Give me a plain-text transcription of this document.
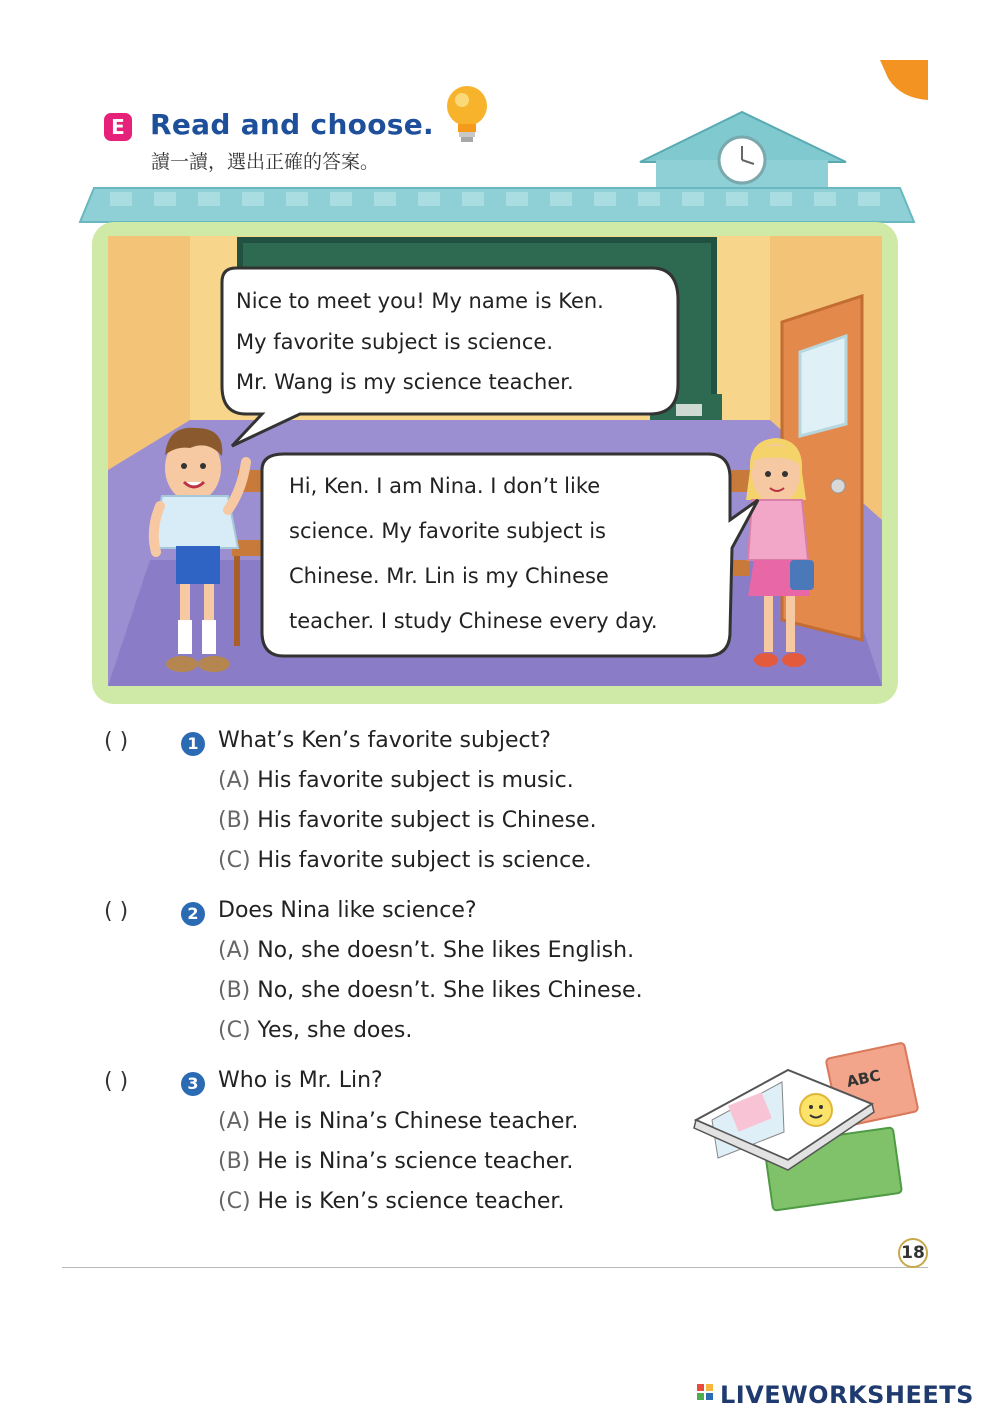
E Read and choose.
讀一讀，選出正確的答案。
Nice to meet you! My name is Ken.
My favorite subject is science.
Mr. Wang is my science teacher.
Hi, Ken. I am Nina. I don’t like
science. My favorite subject is
Chinese. Mr. Lin is my Chinese
teacher. I study Chinese every day.
( )	1 What’s Ken’s favorite subject?
(A) His favorite subject is music.
(B) His favorite subject is Chinese.
(C) His favorite subject is science.
( )	2 Does Nina like science?
(A) No, she doesn’t. She likes English.
(B) No, she doesn’t. She likes Chinese.
(C) Yes, she does.
( )	3 Who is Mr. Lin?
(A) He is Nina’s Chinese teacher.
(B) He is Nina’s science teacher.
(C) He is Ken’s science teacher.
ABC
18
LIVEWORKSHEETS
